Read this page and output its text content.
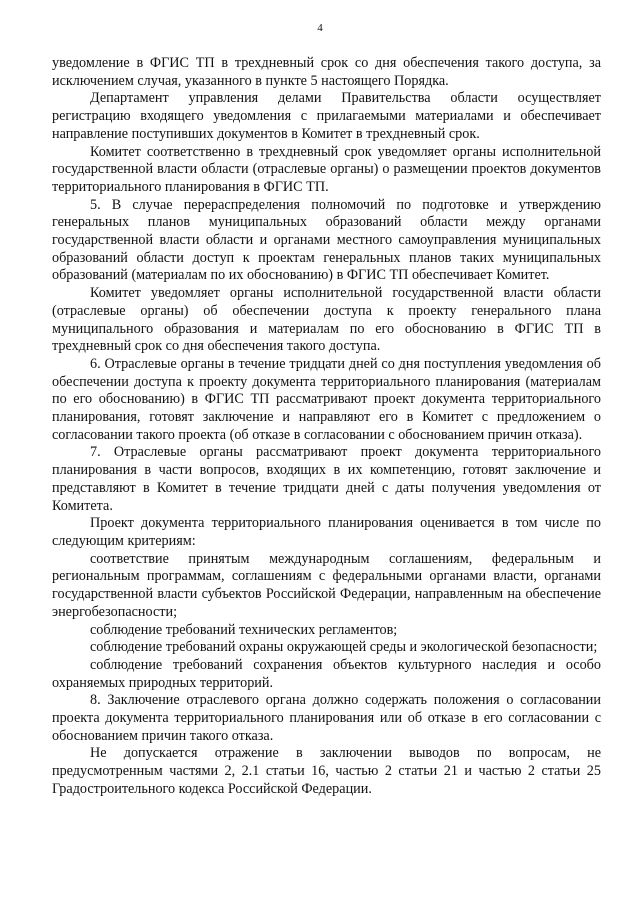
4

уведомление в ФГИС ТП в трехдневный срок со дня обеспечения такого доступа, за исключением случая, указанного в пункте 5 настоящего Порядка.

Департамент управления делами Правительства области осуществляет регистрацию входящего уведомления с прилагаемыми материалами и обеспечивает направление поступивших документов в Комитет в трехдневный срок.

Комитет соответственно в трехдневный срок уведомляет органы исполнительной государственной власти области (отраслевые органы) о размещении проектов документов территориального планирования в ФГИС ТП.

5. В случае перераспределения полномочий по подготовке и утверждению генеральных планов муниципальных образований области между органами государственной власти области и органами местного самоуправления муниципальных образований области доступ к проектам генеральных планов таких муниципальных образований (материалам по их обоснованию) в ФГИС ТП обеспечивает Комитет.

Комитет уведомляет органы исполнительной государственной власти области (отраслевые органы) об обеспечении доступа к проекту генерального плана муниципального образования и материалам по его обоснованию в ФГИС ТП в трехдневный срок со дня обеспечения такого доступа.

6. Отраслевые органы в течение тридцати дней со дня поступления уведомления об обеспечении доступа к проекту документа территориального планирования (материалам по его обоснованию) в ФГИС ТП рассматривают проект документа территориального планирования, готовят заключение и направляют его в Комитет с предложением о согласовании такого проекта (об отказе в согласовании с обоснованием причин отказа).

7. Отраслевые органы рассматривают проект документа территориального планирования в части вопросов, входящих в их компетенцию, готовят заключение и представляют в Комитет в течение тридцати дней с даты получения уведомления от Комитета.

Проект документа территориального планирования оценивается в том числе по следующим критериям:

соответствие принятым международным соглашениям, федеральным и региональным программам, соглашениям с федеральными органами власти, органами государственной власти субъектов Российской Федерации, направленным на обеспечение энергобезопасности;

соблюдение требований технических регламентов;

соблюдение требований охраны окружающей среды и экологической безопасности;

соблюдение требований сохранения объектов культурного наследия и особо охраняемых природных территорий.

8. Заключение отраслевого органа должно содержать положения о согласовании проекта документа территориального планирования или об отказе в его согласовании с обоснованием причин такого отказа.

Не допускается отражение в заключении выводов по вопросам, не предусмотренным частями 2, 2.1 статьи 16, частью 2 статьи 21 и частью 2 статьи 25 Градостроительного кодекса Российской Федерации.
